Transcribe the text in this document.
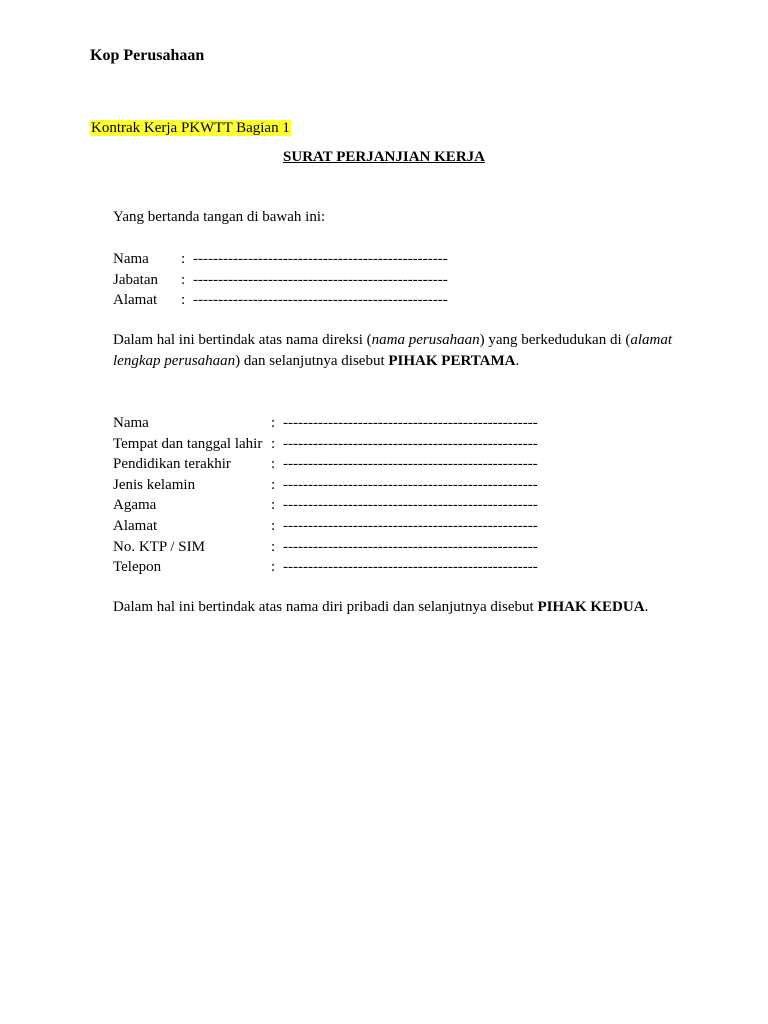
Kop Perusahaan
Kontrak Kerja PKWTT Bagian 1
SURAT PERJANJIAN KERJA
Yang bertanda tangan di bawah ini:
Nama	: ---------------------------------------------------
Jabatan	: ---------------------------------------------------
Alamat	: ---------------------------------------------------
Dalam hal ini bertindak atas nama direksi (nama perusahaan) yang berkedudukan di (alamat lengkap perusahaan) dan selanjutnya disebut PIHAK PERTAMA.
Nama	: ---------------------------------------------------
Tempat dan tanggal lahir : ---------------------------------------------------
Pendidikan terakhir	: ---------------------------------------------------
Jenis kelamin	: ---------------------------------------------------
Agama	: ---------------------------------------------------
Alamat	: ---------------------------------------------------
No. KTP / SIM	: ---------------------------------------------------
Telepon	: ---------------------------------------------------
Dalam hal ini bertindak atas nama diri pribadi dan selanjutnya disebut PIHAK KEDUA.
